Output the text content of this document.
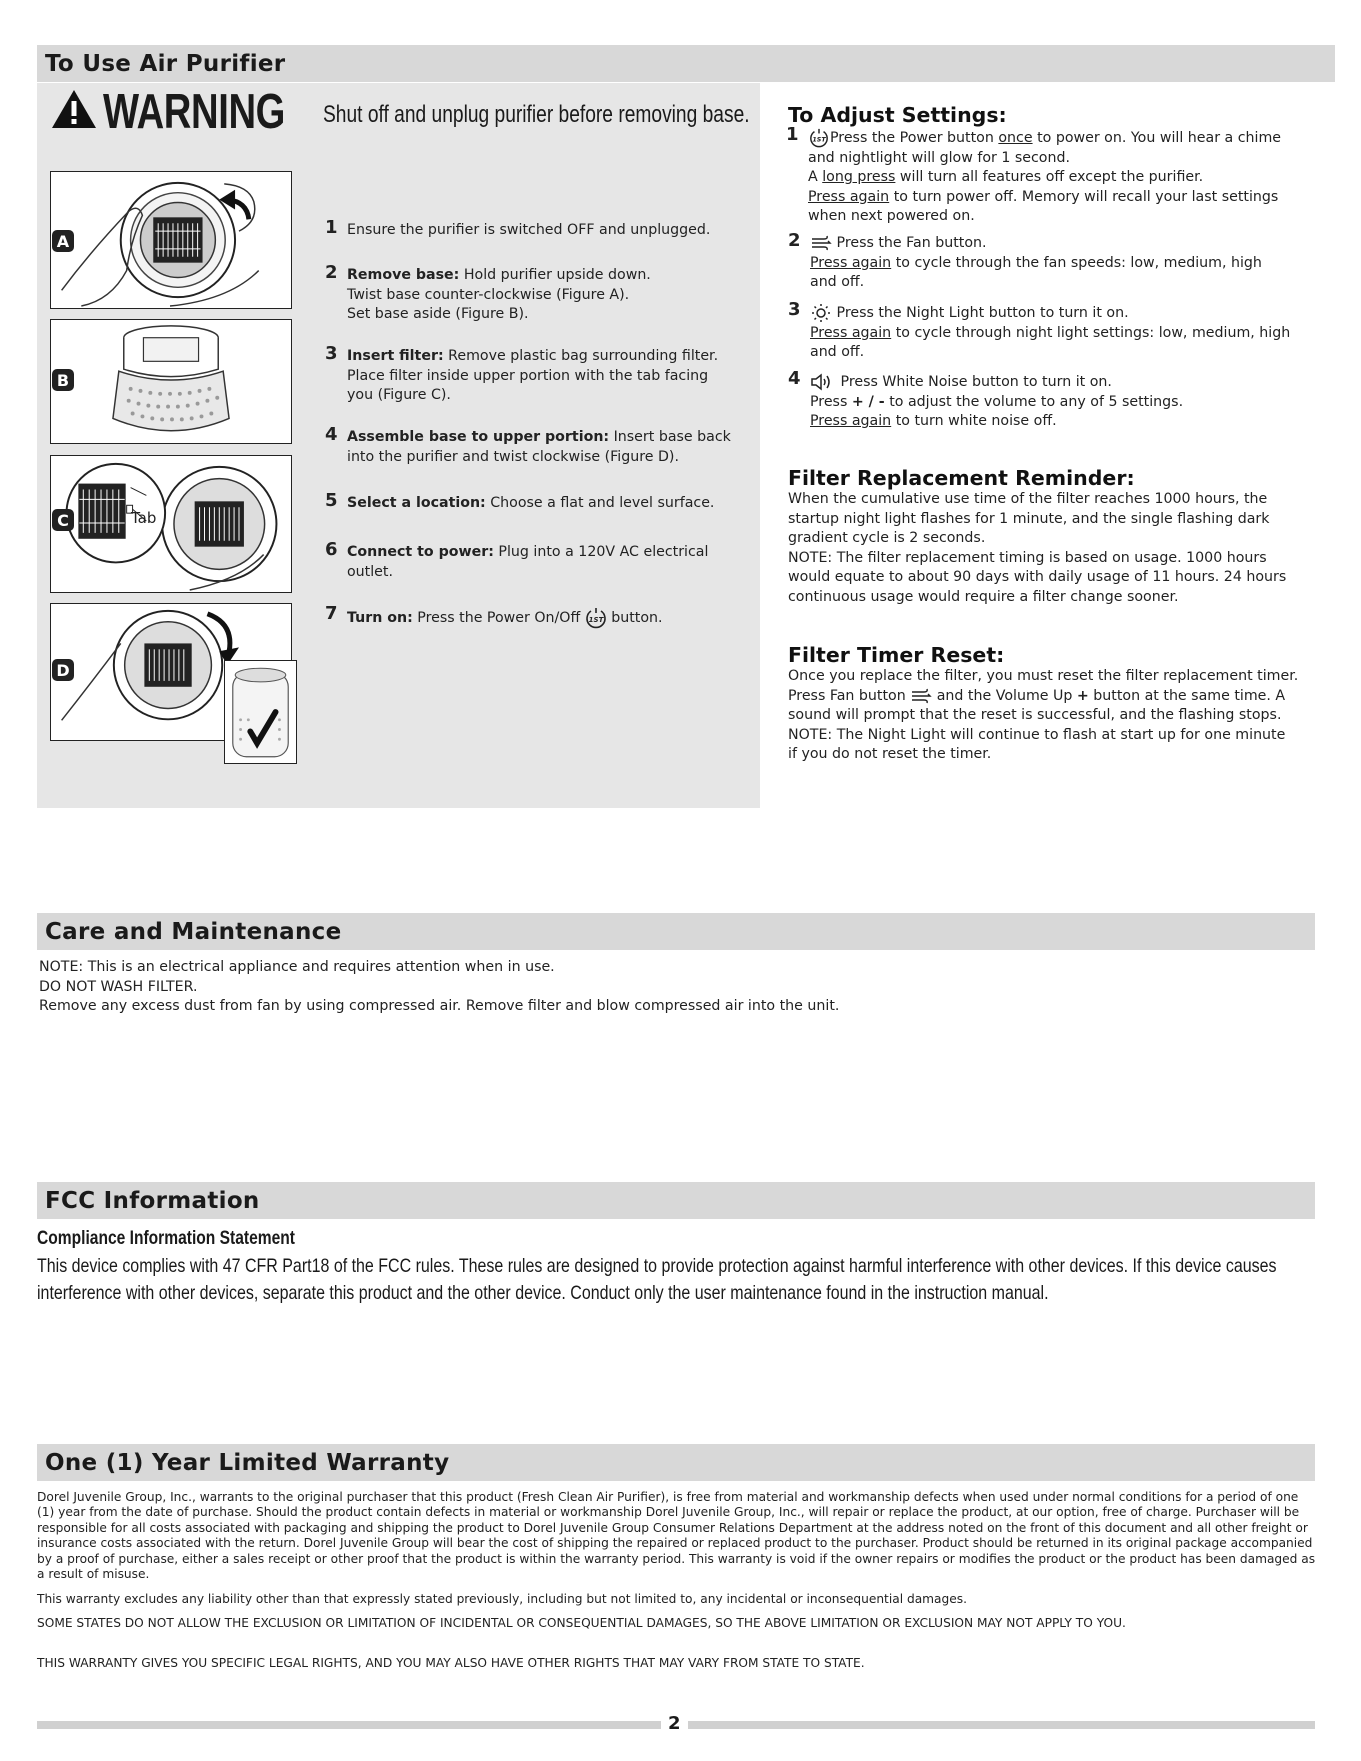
To Use Air Purifier
WARNING Shut off and unplug purifier before removing base.
A
B
Tab
C
D
1 Ensure the purifier is switched OFF and unplugged.
2 Remove base: Hold purifier upside down.
Twist base counter-clockwise (Figure A).
Set base aside (Figure B).
3 Insert filter: Remove plastic bag surrounding filter.
Place filter inside upper portion with the tab facing
you (Figure C).
4 Assemble base to upper portion: Insert base back
into the purifier and twist clockwise (Figure D).
5 Select a location: Choose a flat and level surface.
6 Connect to power: Plug into a 120V AC electrical
outlet.
7 Turn on: Press the Power On/Off 1ST button.
To Adjust Settings:
1 1ST Press the Power button once to power on. You will hear a chime
and nightlight will glow for 1 second.
A long press will turn all features off except the purifier.
Press again to turn power off. Memory will recall your last settings
when next powered on.
2	Press the Fan button.
Press again to cycle through the fan speeds: low, medium, high
and off.
3	Press the Night Light button to turn it on.
Press again to cycle through night light settings: low, medium, high
and off.
4	Press White Noise button to turn it on.
Press + / - to adjust the volume to any of 5 settings.
Press again to turn white noise off.
Filter Replacement Reminder:
When the cumulative use time of the filter reaches 1000 hours, the
startup night light flashes for 1 minute, and the single flashing dark
gradient cycle is 2 seconds.
NOTE: The filter replacement timing is based on usage. 1000 hours
would equate to about 90 days with daily usage of 11 hours. 24 hours
continuous usage would require a filter change sooner.
Filter Timer Reset:
Once you replace the filter, you must reset the filter replacement timer.
Press Fan button  and the Volume Up + button at the same time. A
sound will prompt that the reset is successful, and the flashing stops.
NOTE: The Night Light will continue to flash at start up for one minute
if you do not reset the timer.
Care and Maintenance
NOTE: This is an electrical appliance and requires attention when in use.
DO NOT WASH FILTER.
Remove any excess dust from fan by using compressed air. Remove filter and blow compressed air into the unit.
FCC Information
Compliance Information Statement
This device complies with 47 CFR Part18 of the FCC rules. These rules are designed to provide protection against harmful interference with other devices. If this device causes interference with other devices, separate this product and the other device. Conduct only the user maintenance found in the instruction manual.
One (1) Year Limited Warranty
Dorel Juvenile Group, Inc., warrants to the original purchaser that this product (Fresh Clean Air Purifier), is free from material and workmanship defects when used under normal conditions for a period of one (1) year from the date of purchase. Should the product contain defects in material or workmanship Dorel Juvenile Group, Inc., will repair or replace the product, at our option, free of charge. Purchaser will be responsible for all costs associated with packaging and shipping the product to Dorel Juvenile Group Consumer Relations Department at the address noted on the front of this document and all other freight or insurance costs associated with the return. Dorel Juvenile Group will bear the cost of shipping the repaired or replaced product to the purchaser. Product should be returned in its original package accompanied by a proof of purchase, either a sales receipt or other proof that the product is within the warranty period. This warranty is void if the owner repairs or modifies the product or the product has been damaged as a result of misuse.
This warranty excludes any liability other than that expressly stated previously, including but not limited to, any incidental or inconsequential damages.
SOME STATES DO NOT ALLOW THE EXCLUSION OR LIMITATION OF INCIDENTAL OR CONSEQUENTIAL DAMAGES, SO THE ABOVE LIMITATION OR EXCLUSION MAY NOT APPLY TO YOU.
THIS WARRANTY GIVES YOU SPECIFIC LEGAL RIGHTS, AND YOU MAY ALSO HAVE OTHER RIGHTS THAT MAY VARY FROM STATE TO STATE.
2
